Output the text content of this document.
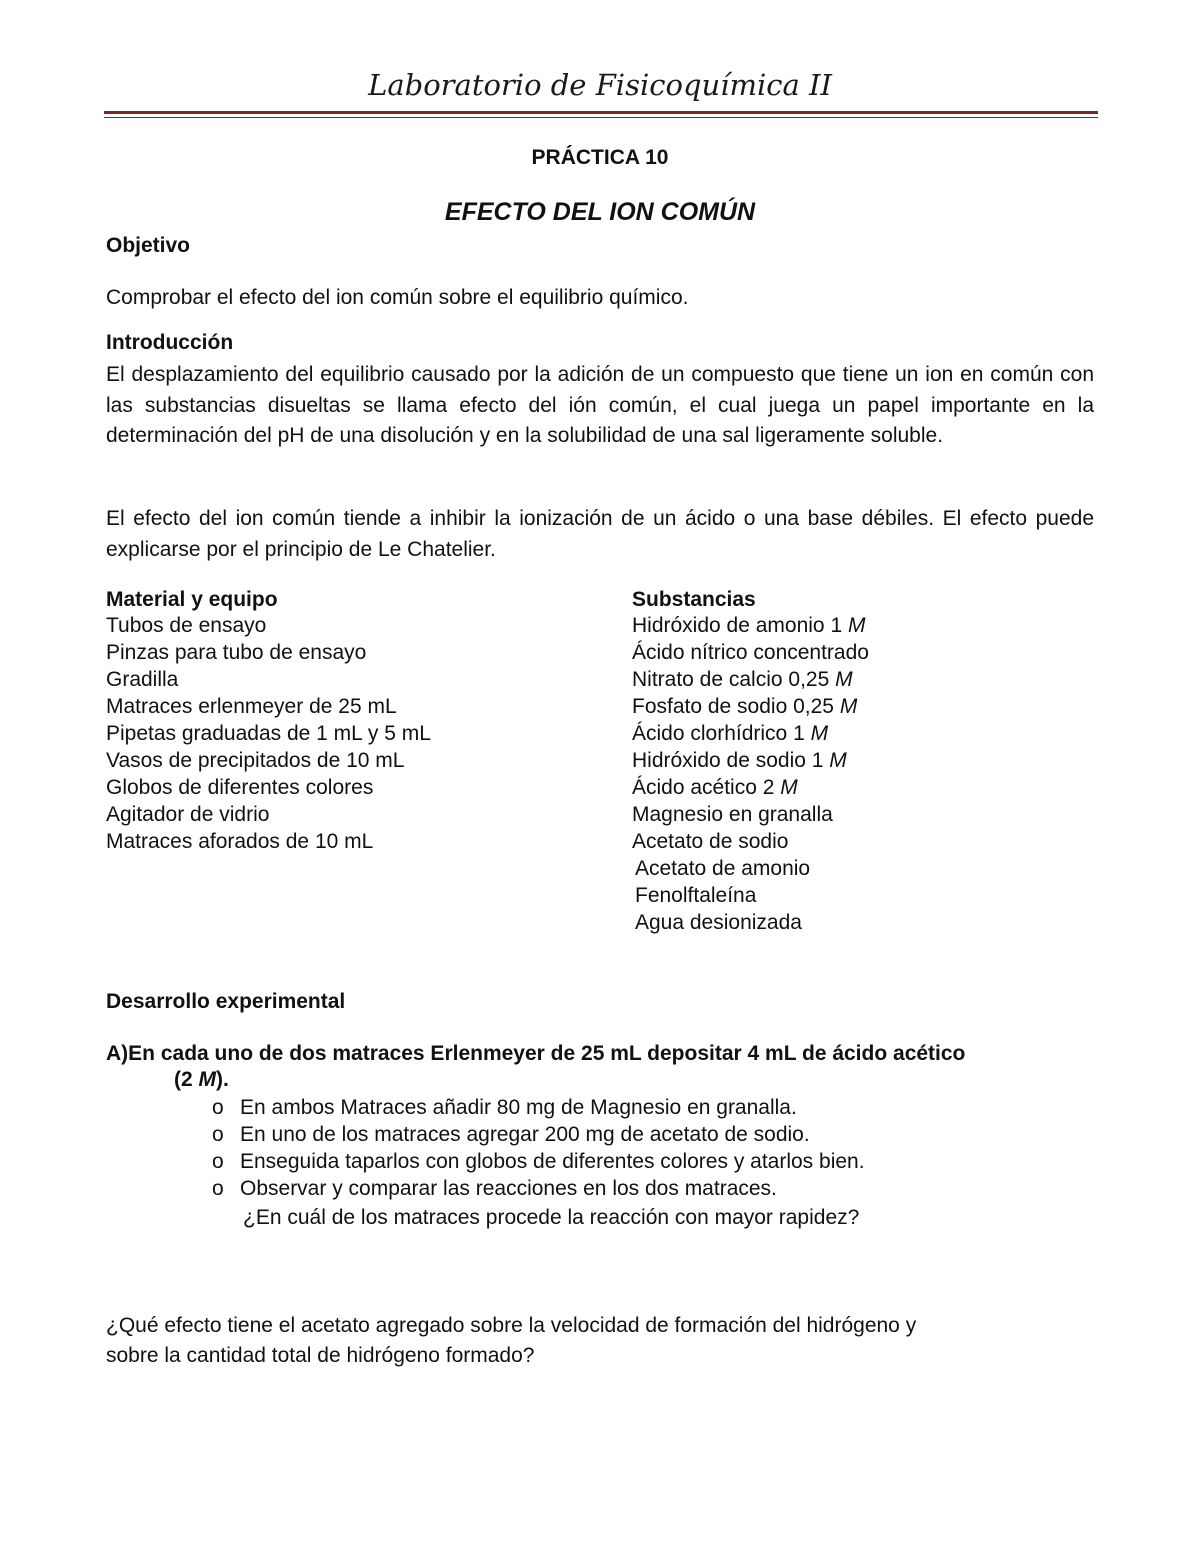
Laboratorio de Fisicoquímica II
PRÁCTICA 10
EFECTO DEL ION COMÚN
Objetivo
Comprobar el efecto del ion común sobre el equilibrio químico.
Introducción
El desplazamiento del equilibrio causado por la adición de un compuesto que tiene un ion en común con las substancias disueltas se llama efecto del ión común, el cual juega un papel importante en la determinación del pH de una disolución y en la solubilidad de una sal ligeramente soluble.
El efecto del ion común tiende a inhibir la ionización de un ácido o una base débiles. El efecto puede explicarse por el principio de Le Chatelier.
Material y equipo
Tubos de ensayo
Pinzas para tubo de ensayo
Gradilla
Matraces erlenmeyer de 25 mL
Pipetas graduadas de 1 mL y 5 mL
Vasos de precipitados de 10 mL
Globos de diferentes colores
Agitador de vidrio
Matraces aforados de 10 mL
Substancias
Hidróxido de amonio 1 M
Ácido nítrico concentrado
Nitrato de calcio 0,25 M
Fosfato de sodio 0,25 M
Ácido clorhídrico 1 M
Hidróxido de sodio 1 M
Ácido acético 2 M
Magnesio en granalla
Acetato de sodio
Acetato de amonio
Fenolftaleína
Agua desionizada
Desarrollo experimental
A)En cada uno de dos matraces Erlenmeyer de 25 mL depositar 4 mL de ácido acético
(2 M).
o En ambos Matraces añadir 80 mg de Magnesio en granalla.
o En uno de los matraces agregar 200 mg de acetato de sodio.
o Enseguida taparlos con globos de diferentes colores y atarlos bien.
o Observar y comparar las reacciones en los dos matraces.
¿En cuál de los matraces procede la reacción con mayor rapidez?
¿Qué efecto tiene el acetato agregado sobre la velocidad de formación del hidrógeno y
sobre la cantidad total de hidrógeno formado?
